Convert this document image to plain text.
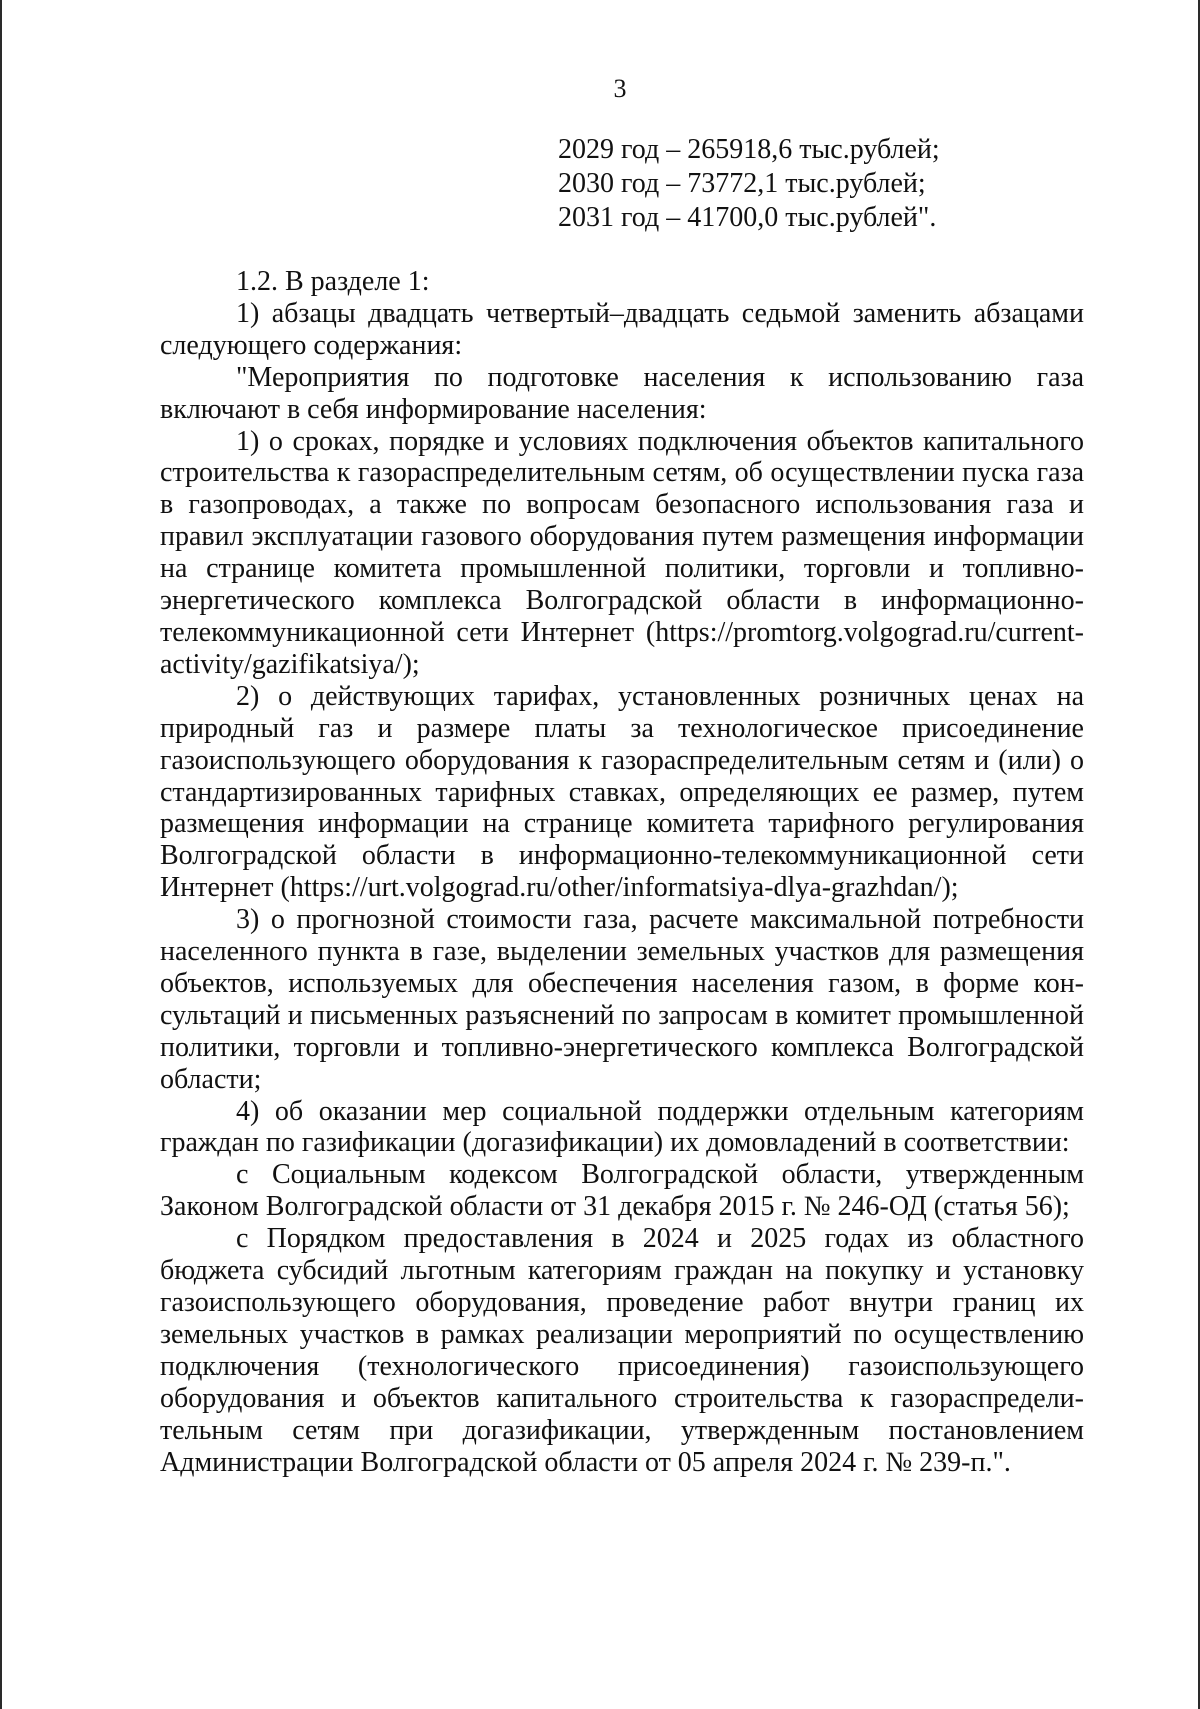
3
2029 год – 265918,6 тыс.рублей;
2030 год – 73772,1 тыс.рублей;
2031 год – 41700,0 тыс.рублей".

1.2. В разделе 1:

1) абзацы двадцать четвертый–двадцать седьмой заменить абзацами следующего содержания:

"Мероприятия по подготовке населения к использованию газа включают в себя информирование населения:

1) о сроках, порядке и условиях подключения объектов капитального строительства к газораспределительным сетям, об осуществлении пуска газа в газопроводах, а также по вопросам безопасного использования газа и правил эксплуатации газового оборудования путем размещения информации на странице комитета промышленной политики, торговли и топливно-энергетического комплекса Волгоградской области в информационно-телекоммуникационной сети Интернет (https://promtorg.volgograd.ru/current-activity/gazifikatsiya/);

2) о действующих тарифах, установленных розничных ценах на природный газ и размере платы за технологическое присоединение газоиспользующего оборудования к газораспределительным сетям и (или) о стандартизированных тарифных ставках, определяющих ее размер, путем размещения информации на странице комитета тарифного регулирования Волгоградской области в информационно-телекоммуникационной сети Интернет (https://urt.volgograd.ru/other/informatsiya-dlya-grazhdan/);

3) о прогнозной стоимости газа, расчете максимальной потребности населенного пункта в газе, выделении земельных участков для размещения объектов, используемых для обеспечения населения газом, в форме консультаций и письменных разъяснений по запросам в комитет промышленной политики, торговли и топливно-энергетического комплекса Волгоградской области;

4) об оказании мер социальной поддержки отдельным категориям граждан по газификации (догазификации) их домовладений в соответствии:

с Социальным кодексом Волгоградской области, утвержденным Законом Волгоградской области от 31 декабря 2015 г. № 246-ОД (статья 56);

с Порядком предоставления в 2024 и 2025 годах из областного бюджета субсидий льготным категориям граждан на покупку и установку газоиспользующего оборудования, проведение работ внутри границ их земельных участков в рамках реализации мероприятий по осуществлению подключения (технологического присоединения) газоиспользующего оборудования и объектов капитального строительства к газораспределительным сетям при догазификации, утвержденным постановлением Администрации Волгоградской области от 05 апреля 2024 г. № 239-п.".
